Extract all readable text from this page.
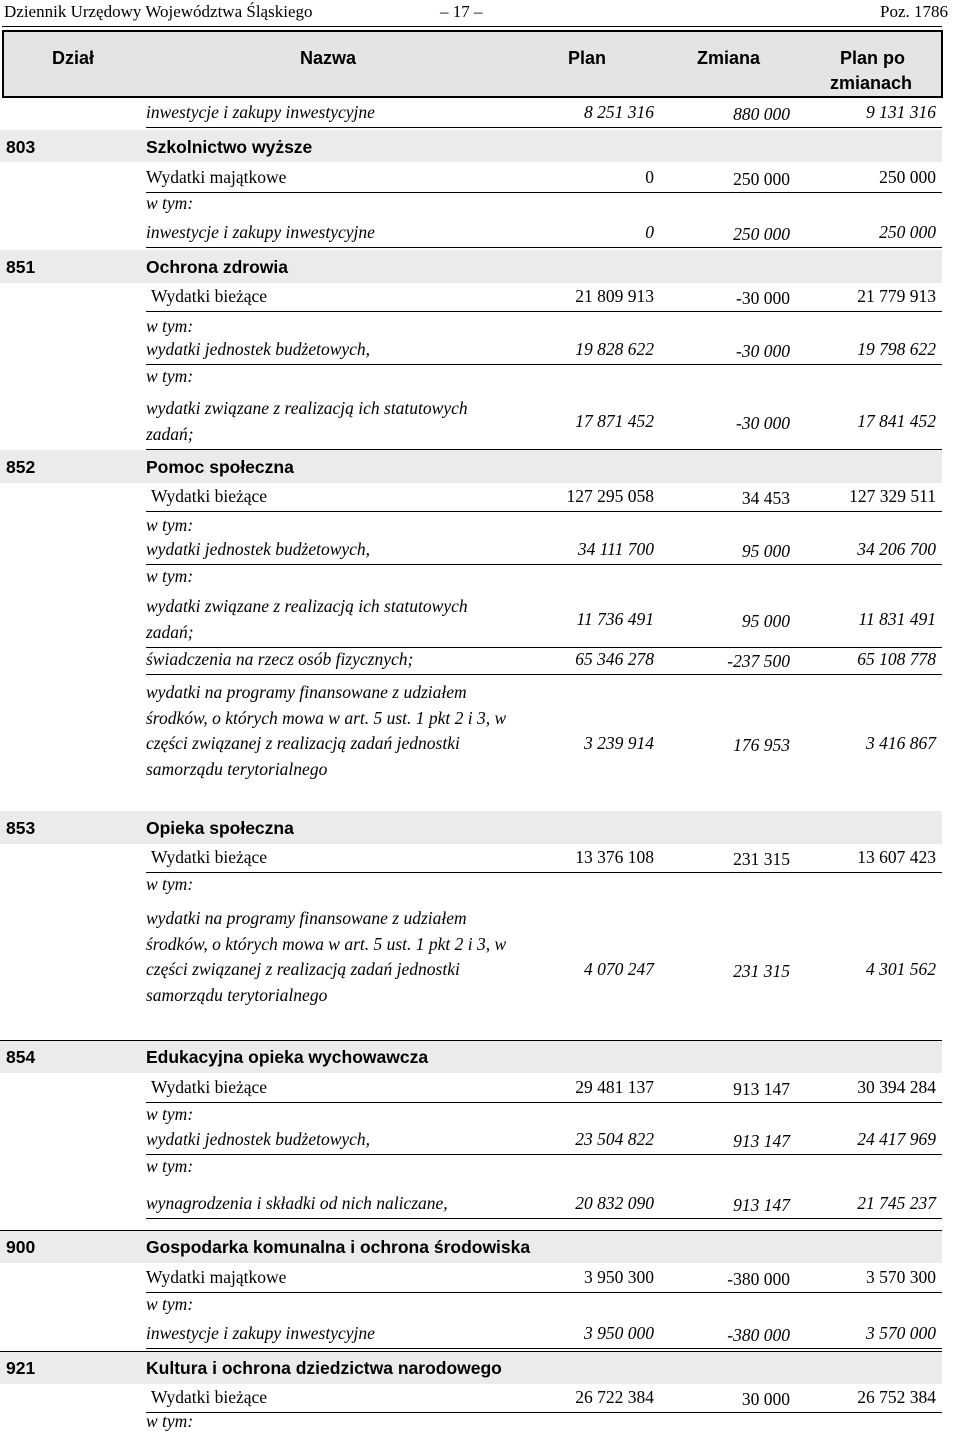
Dziennik Urzędowy Województwa Śląskiego	– 17 –	Poz. 1786
Dział	Nazwa	Plan	Zmiana	Plan po
zmianach
inwestycje i zakupy inwestycyjne	8 251 316	880 000	9 131 316
803	Szkolnictwo wyższe
Wydatki majątkowe	0	250 000	250 000
w tym:
inwestycje i zakupy inwestycyjne	0	250 000	250 000
851	Ochrona zdrowia
Wydatki bieżące	21 809 913	-30 000	21 779 913
w tym:
wydatki jednostek budżetowych,	19 828 622	-30 000	19 798 622
w tym:
wydatki związane z realizacją ich statutowych zadań;
17 871 452	-30 000	17 841 452
852	Pomoc społeczna
Wydatki bieżące	127 295 058	34 453	127 329 511
w tym:
wydatki jednostek budżetowych,	34 111 700	95 000	34 206 700
w tym:
wydatki związane z realizacją ich statutowych zadań;
11 736 491	95 000	11 831 491
świadczenia na rzecz osób fizycznych;	65 346 278	-237 500	65 108 778
wydatki na programy finansowane z udziałem środków, o których mowa w art. 5 ust. 1 pkt 2 i 3, w części związanej z realizacją zadań jednostki samorządu terytorialnego
3 239 914	176 953	3 416 867
853	Opieka społeczna
Wydatki bieżące	13 376 108	231 315	13 607 423
w tym:
wydatki na programy finansowane z udziałem środków, o których mowa w art. 5 ust. 1 pkt 2 i 3, w części związanej z realizacją zadań jednostki samorządu terytorialnego
4 070 247	231 315	4 301 562
854	Edukacyjna opieka wychowawcza
Wydatki bieżące	29 481 137	913 147	30 394 284
w tym:
wydatki jednostek budżetowych,	23 504 822	913 147	24 417 969
w tym:
wynagrodzenia i składki od nich naliczane,	20 832 090	913 147	21 745 237
900	Gospodarka komunalna i ochrona środowiska
Wydatki majątkowe	3 950 300	-380 000	3 570 300
w tym:
inwestycje i zakupy inwestycyjne	3 950 000	-380 000	3 570 000
921	Kultura i ochrona dziedzictwa narodowego
Wydatki bieżące	26 722 384	30 000	26 752 384
w tym:
